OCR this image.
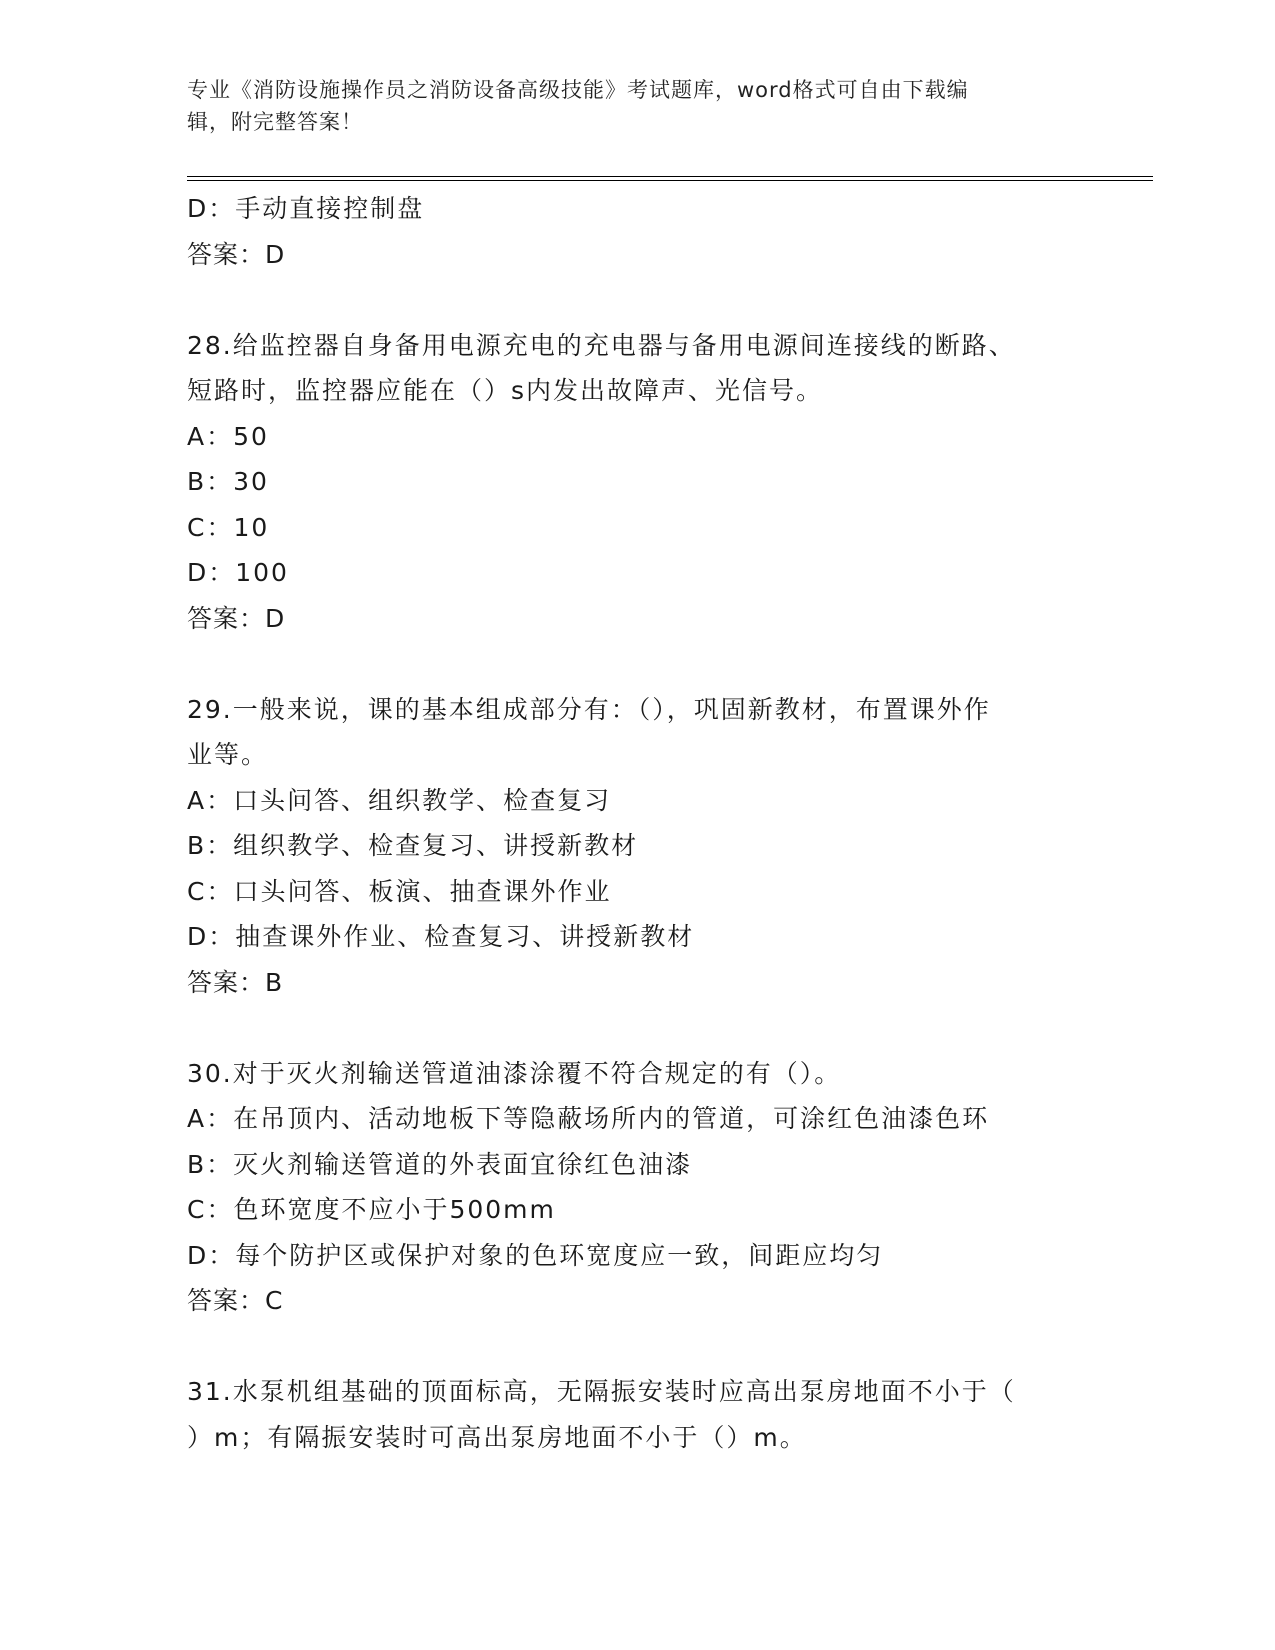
专业《消防设施操作员之消防设备高级技能》考试题库，word格式可自由下载编
辑，附完整答案！
D：手动直接控制盘
答案：D
28.给监控器自身备用电源充电的充电器与备用电源间连接线的断路、
短路时，监控器应能在（）s内发出故障声、光信号。
A：50
B：30
C：10
D：100
答案：D
29.一般来说，课的基本组成部分有：（），巩固新教材，布置课外作
业等。
A：口头问答、组织教学、检查复习
B：组织教学、检查复习、讲授新教材
C：口头问答、板演、抽查课外作业
D：抽查课外作业、检查复习、讲授新教材
答案：B
30.对于灭火剂输送管道油漆涂覆不符合规定的有（）。
A：在吊顶内、活动地板下等隐蔽场所内的管道，可涂红色油漆色环
B：灭火剂输送管道的外表面宜徐红色油漆
C：色环宽度不应小于500mm
D：每个防护区或保护对象的色环宽度应一致，间距应均匀
答案：C
31.水泵机组基础的顶面标高，无隔振安装时应高出泵房地面不小于（
）m；有隔振安装时可高出泵房地面不小于（）m。
